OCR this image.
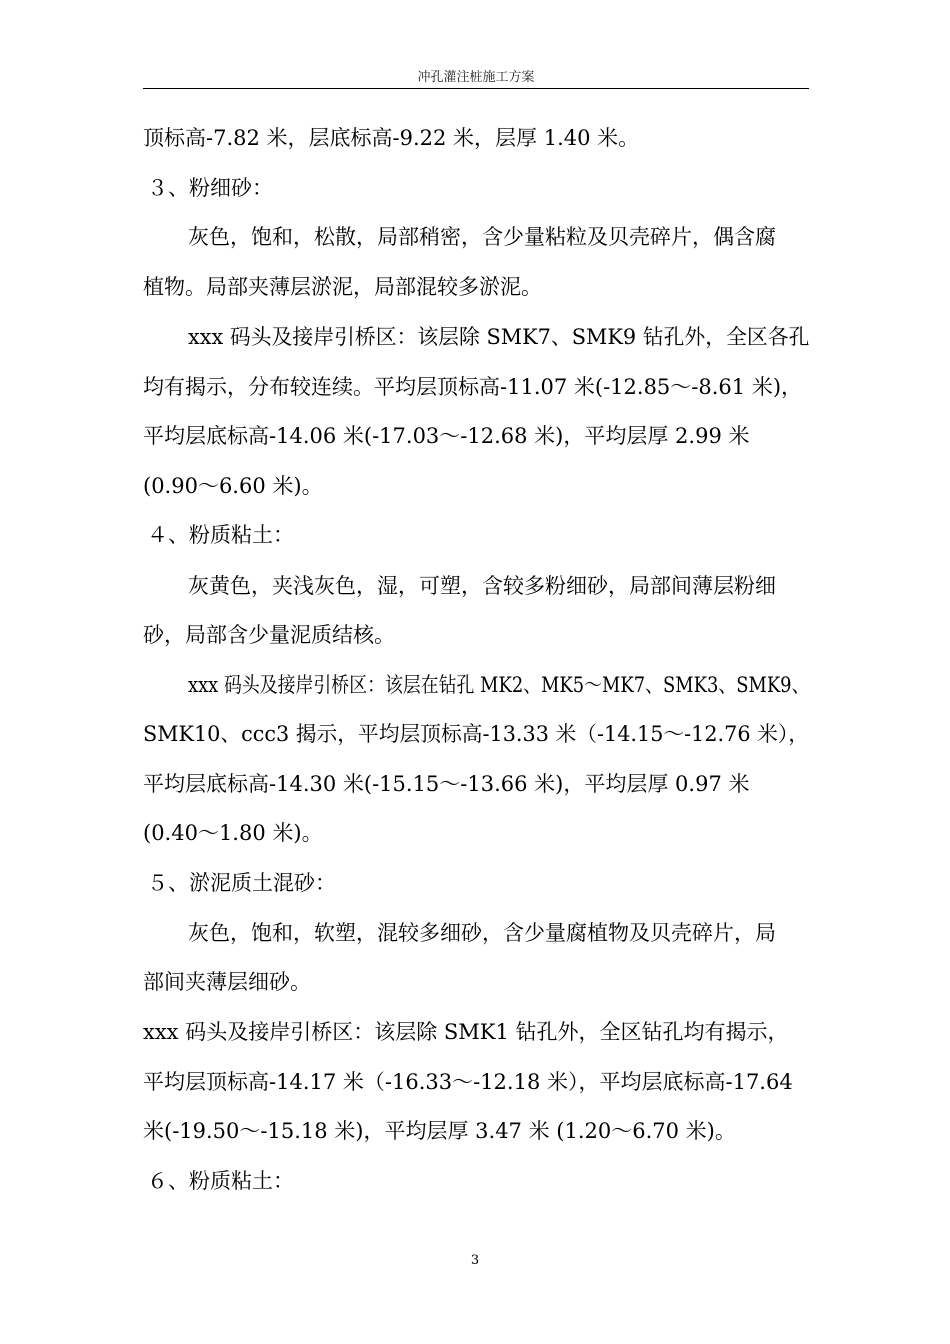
冲孔灌注桩施工方案
顶标高-7.82 米，层底标高-9.22 米，层厚 1.40 米。
３、粉细砂：
灰色，饱和，松散，局部稍密，含少量粘粒及贝壳碎片，偶含腐
植物。局部夹薄层淤泥，局部混较多淤泥。
xxx 码头及接岸引桥区：该层除 SMK7、SMK9 钻孔外，全区各孔
均有揭示，分布较连续。平均层顶标高-11.07 米(-12.85～-8.61 米)，
平均层底标高-14.06 米(-17.03～-12.68 米)，平均层厚 2.99 米
(0.90～6.60 米)。
４、粉质粘土：
灰黄色，夹浅灰色，湿，可塑，含较多粉细砂，局部间薄层粉细
砂，局部含少量泥质结核。
xxx 码头及接岸引桥区：该层在钻孔 MK2、MK5～MK7、SMK3、SMK9、
SMK10、ccc3 揭示，平均层顶标高-13.33 米（-14.15～-12.76 米），
平均层底标高-14.30 米(-15.15～-13.66 米)，平均层厚 0.97 米
(0.40～1.80 米)。
５、淤泥质土混砂：
灰色，饱和，软塑，混较多细砂，含少量腐植物及贝壳碎片，局
部间夹薄层细砂。
xxx 码头及接岸引桥区：该层除 SMK1 钻孔外，全区钻孔均有揭示，
平均层顶标高-14.17 米（-16.33～-12.18 米），平均层底标高-17.64
米(-19.50～-15.18 米)，平均层厚 3.47 米 (1.20～6.70 米)。
６、粉质粘土：
3
